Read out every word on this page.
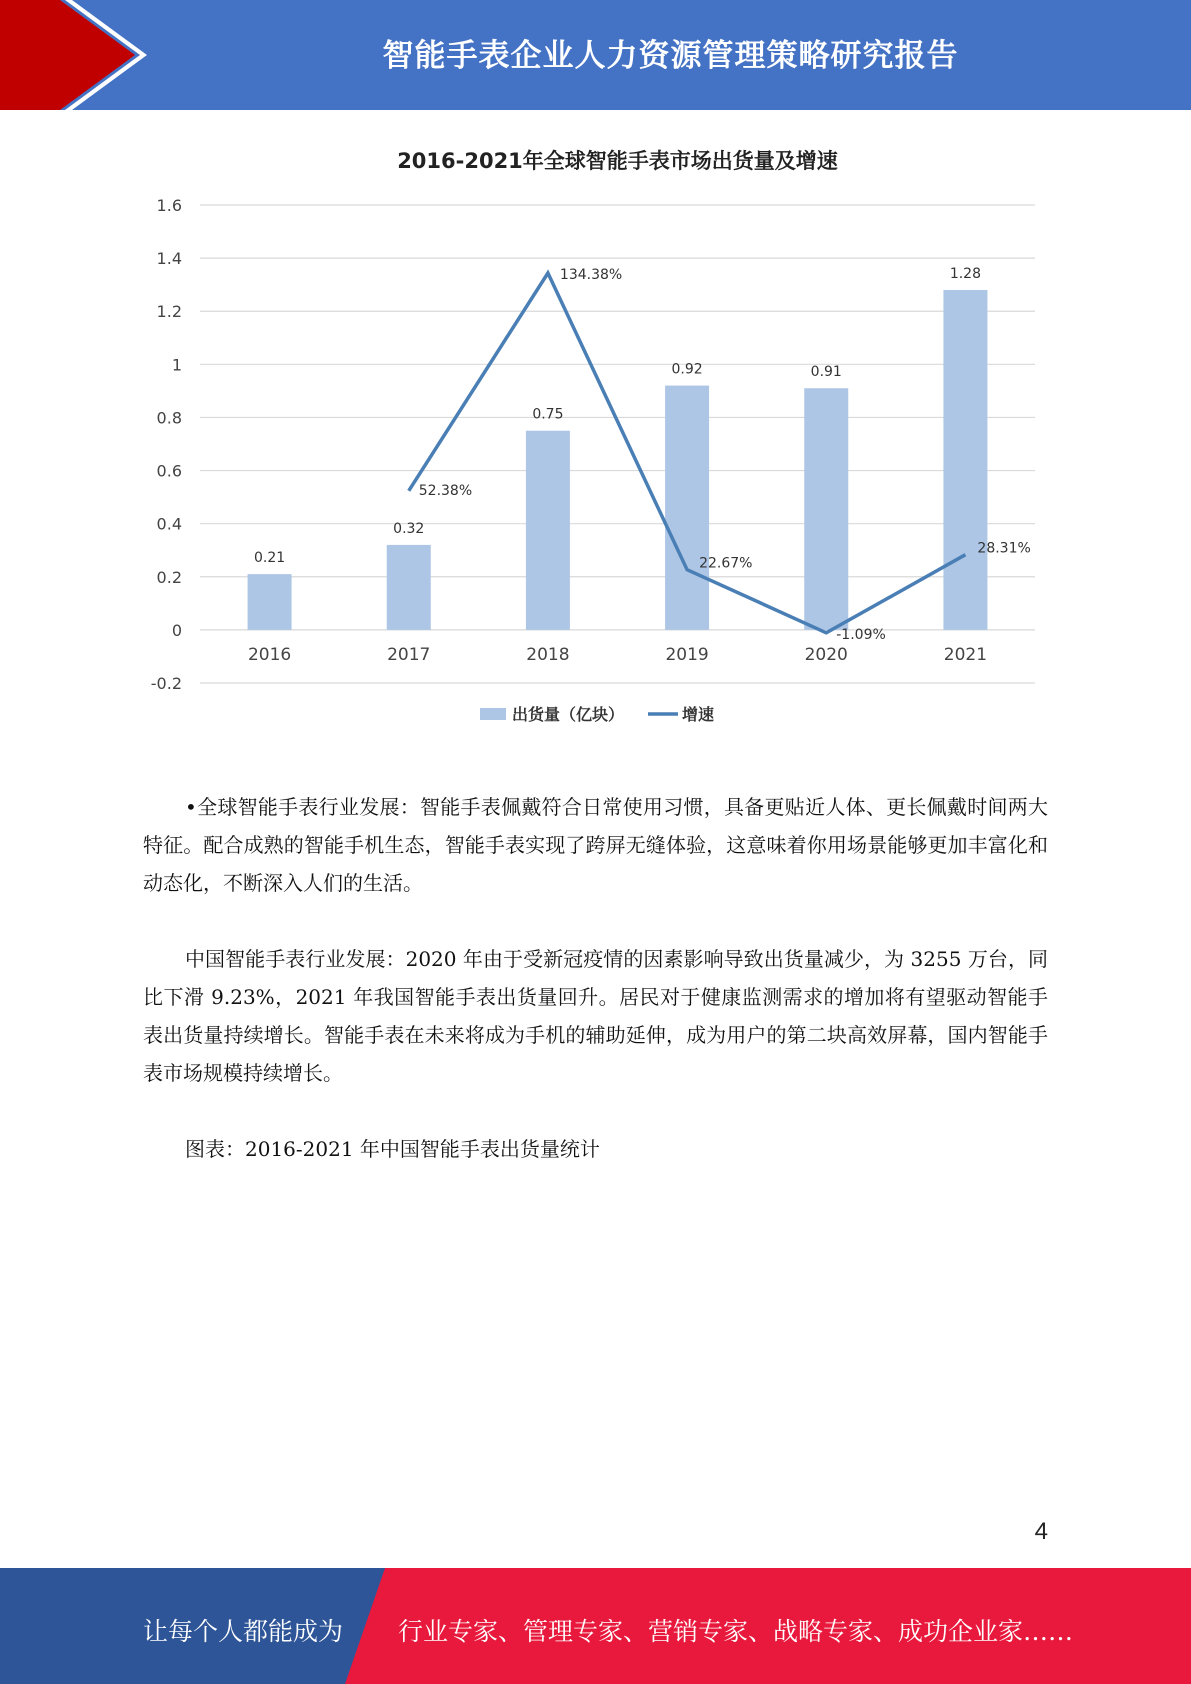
智能手表企业人力资源管理策略研究报告
2016-2021年全球智能手表市场出货量及增速
-0.2
0
0.2
0.4
0.6
0.8
1
1.2
1.4
1.6
0.21
0.32
0.75
0.92	0.91
1.28
2016	2017	2018	2019	2020	2021
52.38%
134.38%
22.67%
-1.09%
28.31%
出货量（亿块）	增速

•全球智能手表行业发展：智能手表佩戴符合日常使用习惯，具备更贴近人体、更长佩戴时间两大特征。配合成熟的智能手机生态，智能手表实现了跨屏无缝体验，这意味着你用场景能够更加丰富化和动态化，不断深入人们的生活。

中国智能手表行业发展：2020 年由于受新冠疫情的因素影响导致出货量减少，为 3255 万台，同比下滑 9.23%，2021 年我国智能手表出货量回升。居民对于健康监测需求的增加将有望驱动智能手表出货量持续增长。智能手表在未来将成为手机的辅助延伸，成为用户的第二块高效屏幕，国内智能手表市场规模持续增长。

图表：2016-2021 年中国智能手表出货量统计

4
让每个人都能成为 行业专家、管理专家、营销专家、战略专家、成功企业家……
